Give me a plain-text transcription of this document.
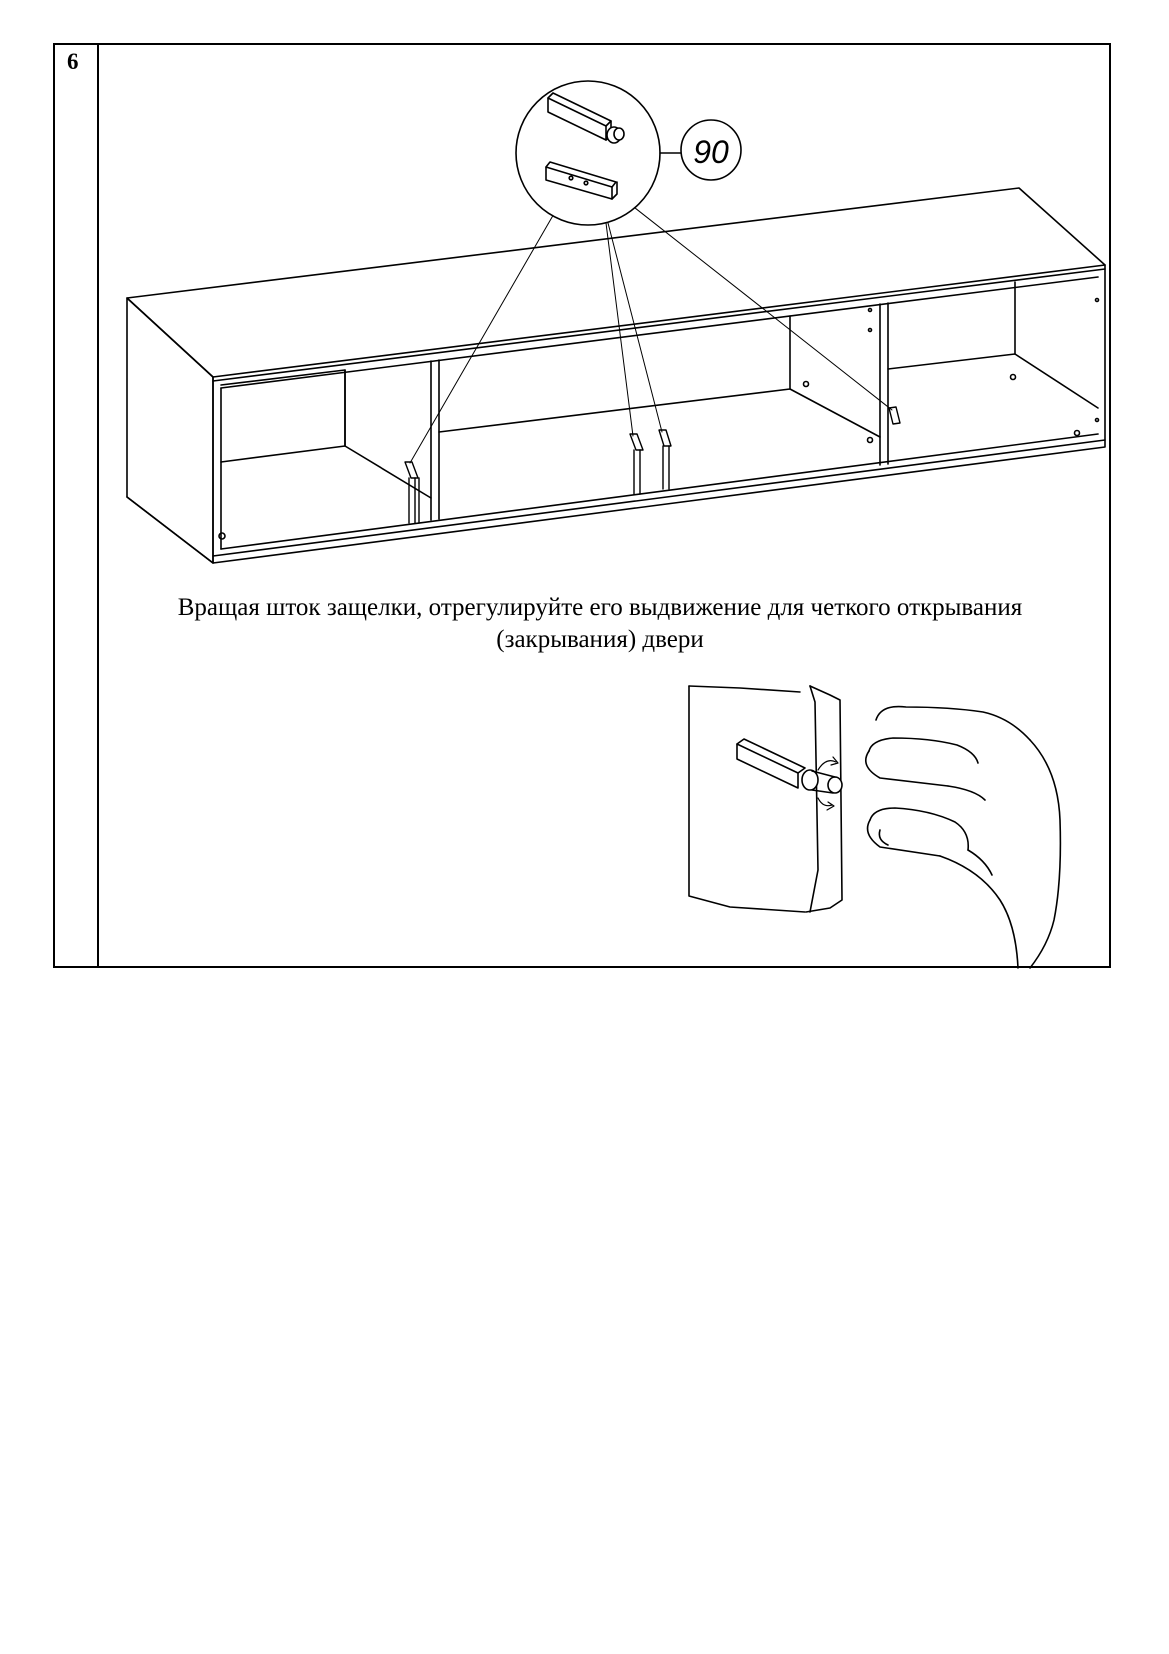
6
90
Вращая шток защелки, отрегулируйте его выдвижение для четкого открывания
(закрывания) двери
